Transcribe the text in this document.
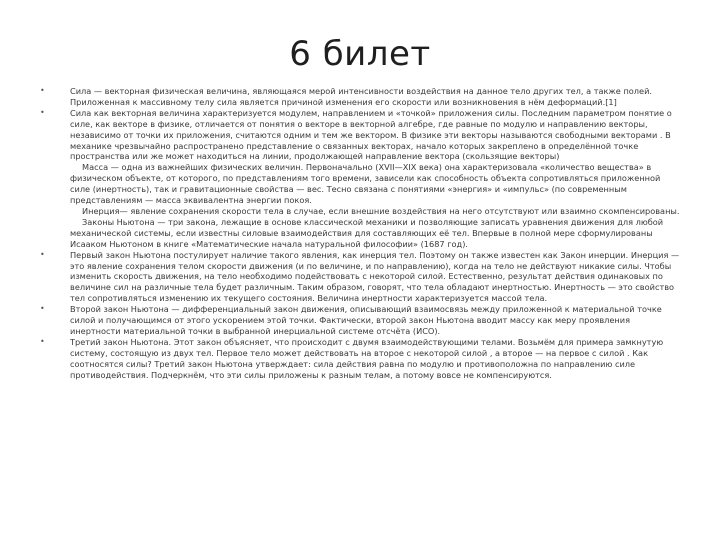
6 билет
•	Сила — векторная физическая величина, являющаяся мерой интенсивности воздействия на данное тело других тел, а также полей. Приложенная к массивному телу сила является причиной изменения его скорости или возникновения в нём деформаций.[1]
•	Сила как векторная величина характеризуется модулем, направлением и «точкой» приложения силы. Последним параметром понятие о силе, как векторе в физике, отличается от понятия о векторе в векторной алгебре, где равные по модулю и направлению векторы, независимо от точки их приложения, считаются одним и тем же вектором. В физике эти векторы называются свободными векторами . В механике чрезвычайно распространено представление о связанных векторах, начало которых закреплено в определённой точке пространства или же может находиться на линии, продолжающей направление вектора (скользящие векторы)
Масса — одна из важнейших физических величин. Первоначально (XVII—XIX века) она характеризовала «количество вещества» в физическом объекте, от которого, по представлениям того времени, зависели как способность объекта сопротивляться приложенной силе (инертность), так и гравитационные свойства — вес. Тесно связана с понятиями «энергия» и «импульс» (по современным представлениям — масса эквивалентна энергии покоя.
Инерция— явление сохранения скорости тела в случае, если внешние воздействия на него отсутствуют или взаимно скомпенсированы.
Законы Ньютона — три закона, лежащие в основе классической механики и позволяющие записать уравнения движения для любой механической системы, если известны силовые взаимодействия для составляющих её тел. Впервые в полной мере сформулированы Исааком Ньютоном в книге «Математические начала натуральной философии» (1687 год).
•	Первый закон Ньютона постулирует наличие такого явления, как инерция тел. Поэтому он также известен как Закон инерции. Инерция — это явление сохранения телом скорости движения (и по величине, и по направлению), когда на тело не действуют никакие силы. Чтобы изменить скорость движения, на тело необходимо подействовать с некоторой силой. Естественно, результат действия одинаковых по величине сил на различные тела будет различным. Таким образом, говорят, что тела обладают инертностью. Инертность — это свойство тел сопротивляться изменению их текущего состояния. Величина инертности характеризуется массой тела.
•	Второй закон Ньютона — дифференциальный закон движения, описывающий взаимосвязь между приложенной к материальной точке силой и получающимся от этого ускорением этой точки. Фактически, второй закон Ньютона вводит массу как меру проявления инертности материальной точки в выбранной инерциальной системе отсчёта (ИСО).
•	Третий закон Ньютона. Этот закон объясняет, что происходит с двумя взаимодействующими телами. Возьмём для примера замкнутую систему, состоящую из двух тел. Первое тело может действовать на второе с некоторой силой , а второе — на первое с силой . Как соотносятся силы? Третий закон Ньютона утверждает: сила действия равна по модулю и противоположна по направлению силе противодействия. Подчеркнём, что эти силы приложены к разным телам, а потому вовсе не компенсируются.
